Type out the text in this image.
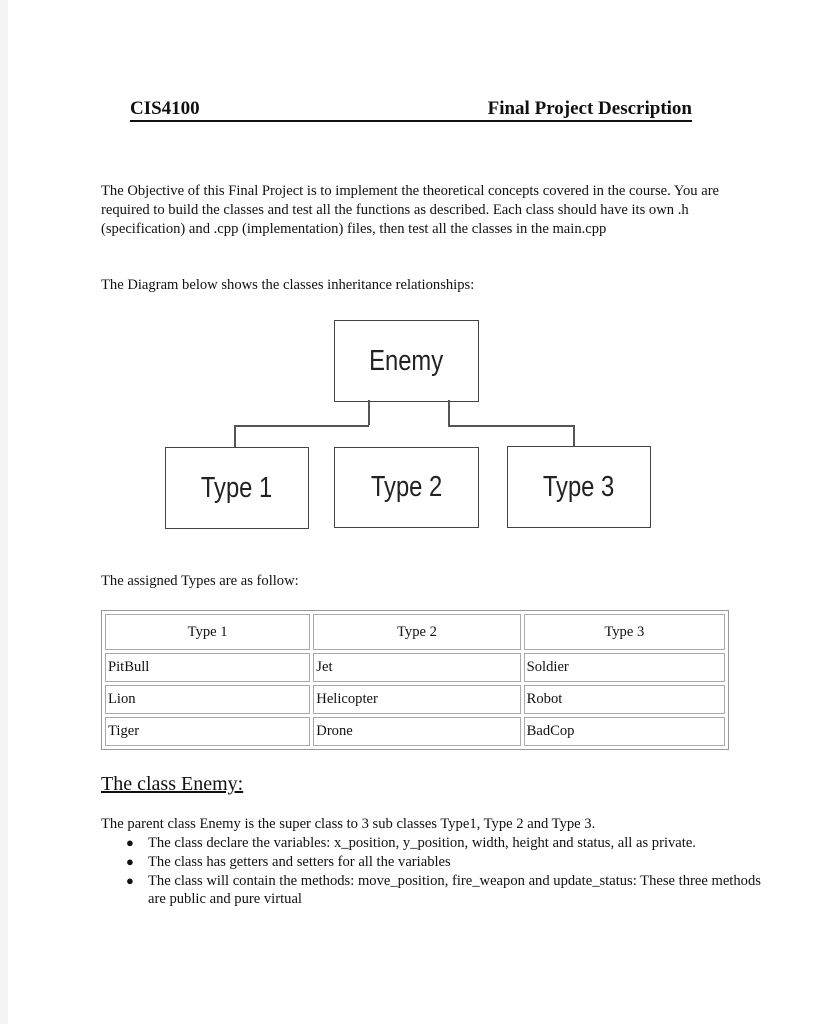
CIS4100	Final Project Description
The Objective of this Final Project is to implement the theoretical concepts covered in the course. You are required to build the classes and test all the functions as described. Each class should have its own .h (specification) and .cpp (implementation) files, then test all the classes in the main.cpp
The Diagram below shows the classes inheritance relationships:
Enemy
Type 1	Type 2	Type 3
The assigned Types are as follow:
Type 1	Type 2	Type 3
PitBull	Jet	Soldier
Lion	Helicopter	Robot
Tiger	Drone	BadCop
The class Enemy:
The parent class Enemy is the super class to 3 sub classes Type1, Type 2 and Type 3.
● The class declare the variables: x_position, y_position, width, height and status, all as private.
● The class has getters and setters for all the variables
● The class will contain the methods: move_position, fire_weapon and update_status: These three methods are public and pure virtual
